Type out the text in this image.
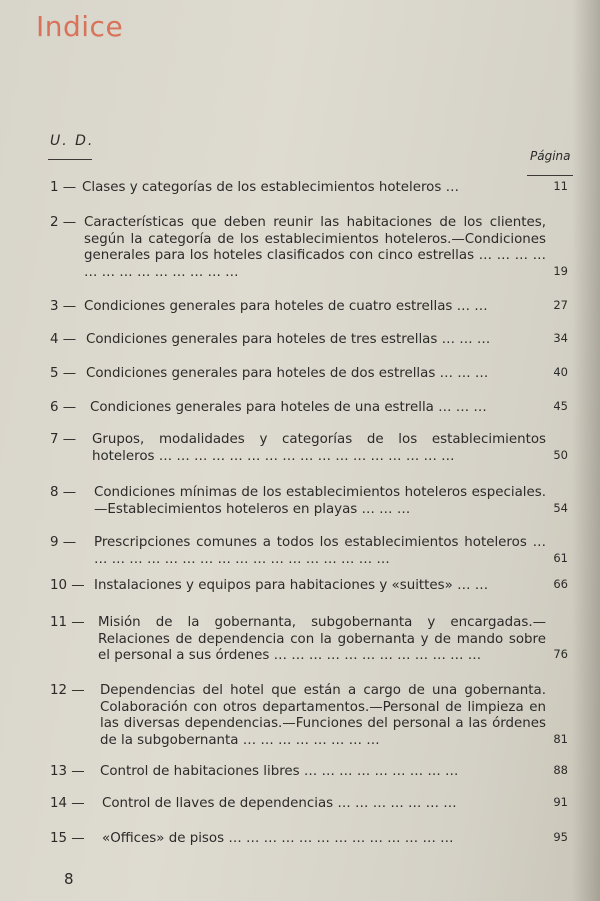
Indice
U. D.
Página
1 — Clases y categorías de los establecimientos hoteleros …	11
2 — Características que deben reunir las habitaciones de los clientes, según la categoría de los establecimientos hoteleros.—Condiciones generales para los hoteles clasificados con cinco estrellas … … … … … … … … … … … … …	19
3 — Condiciones generales para hoteles de cuatro estrellas … …	27
4 — Condiciones generales para hoteles de tres estrellas … … …	34
5 — Condiciones generales para hoteles de dos estrellas … … …	40
6 —	Condiciones generales para hoteles de una estrella … … …	45
7 —	Grupos, modalidades y categorías de los establecimientos hoteleros … … … … … … … … … … … … … … … … …	50
8 —	Condiciones mínimas de los establecimientos hoteleros especiales.—Establecimientos hoteleros en playas … … …	54
9 —	Prescripciones comunes a todos los establecimientos hoteleros … … … … … … … … … … … … … … … … … …	61
10 — Instalaciones y equipos para habitaciones y «suittes» … …	66
11 — Misión de la gobernanta, subgobernanta y encargadas.—Relaciones de dependencia con la gobernanta y de mando sobre el personal a sus órdenes … … … … … … … … … … … …	76
12 —	Dependencias del hotel que están a cargo de una gobernanta. Colaboración con otros departamentos.—Personal de limpieza en las diversas dependencias.—Funciones del personal a las órdenes de la subgobernanta … … … … … … … …	81
13 —	Control de habitaciones libres … … … … … … … … …	88
14 —	Control de llaves de dependencias … … … … … … …	91
15 —	«Offices» de pisos … … … … … … … … … … … … …	95
8
